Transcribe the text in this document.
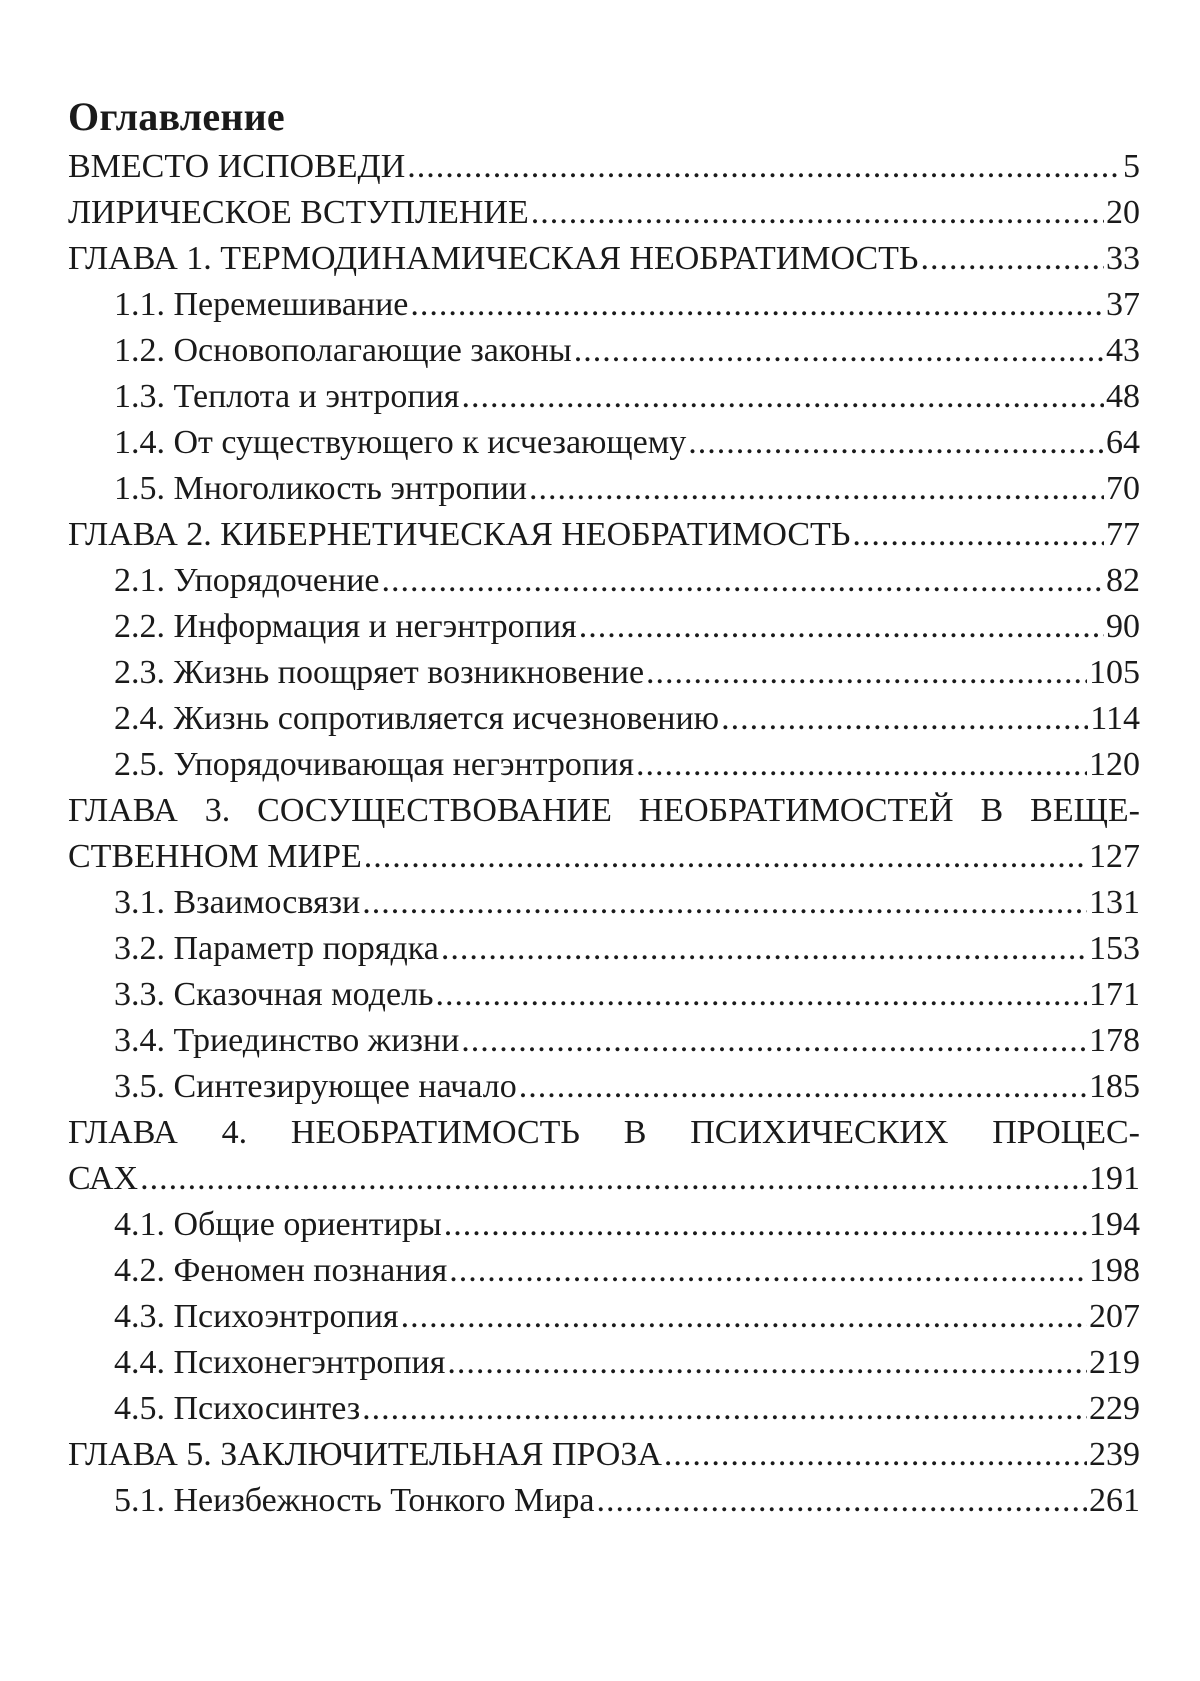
Оглавление
ВМЕСТО ИСПОВЕДИ .....	5
ЛИРИЧЕСКОЕ ВСТУПЛЕНИЕ .....	20
ГЛАВА 1. ТЕРМОДИНАМИЧЕСКАЯ НЕОБРАТИМОСТЬ .....	33
1.1. Перемешивание .....	37
1.2. Основополагающие законы .....	43
1.3. Теплота и энтропия .....	48
1.4. От существующего к исчезающему .....	64
1.5. Многоликость энтропии .....	70
ГЛАВА 2. КИБЕРНЕТИЧЕСКАЯ НЕОБРАТИМОСТЬ .....	77
2.1. Упорядочение .....	82
2.2. Информация и негэнтропия .....	90
2.3. Жизнь поощряет возникновение .....	105
2.4. Жизнь сопротивляется исчезновению .....	114
2.5. Упорядочивающая негэнтропия .....	120
ГЛАВА 3. СОСУЩЕСТВОВАНИЕ НЕОБРАТИМОСТЕЙ В ВЕЩЕ-
СТВЕННОМ МИРЕ .....	127
3.1. Взаимосвязи .....	131
3.2. Параметр порядка .....	153
3.3. Сказочная модель .....	171
3.4. Триединство жизни .....	178
3.5. Синтезирующее начало .....	185
ГЛАВА 4. НЕОБРАТИМОСТЬ В ПСИХИЧЕСКИХ ПРОЦЕС-
САХ .....	191
4.1. Общие ориентиры .....	194
4.2. Феномен познания .....	198
4.3. Психоэнтропия .....	207
4.4. Психонегэнтропия .....	219
4.5. Психосинтез .....	229
ГЛАВА 5. ЗАКЛЮЧИТЕЛЬНАЯ ПРОЗА .....	239
5.1. Неизбежность Тонкого Мира .....	261
